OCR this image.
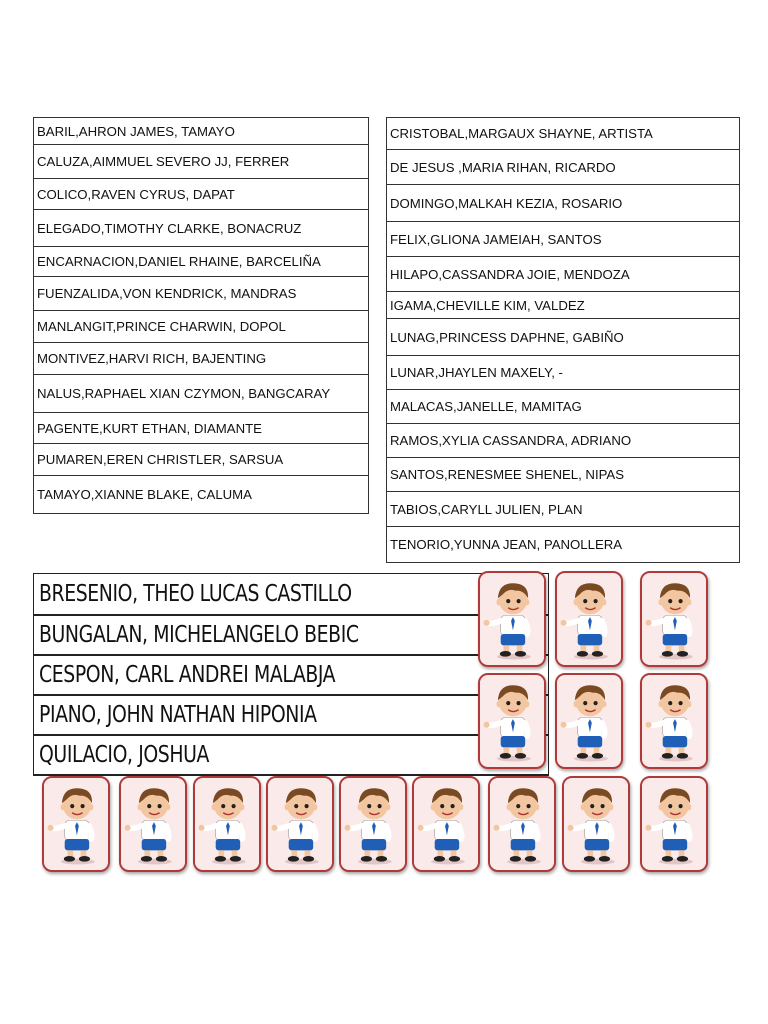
BARIL,AHRON JAMES, TAMAYO
CALUZA,AIMMUEL SEVERO JJ, FERRER
COLICO,RAVEN CYRUS, DAPAT
ELEGADO,TIMOTHY CLARKE, BONACRUZ
ENCARNACION,DANIEL RHAINE, BARCELIÑA
FUENZALIDA,VON KENDRICK, MANDRAS
MANLANGIT,PRINCE CHARWIN, DOPOL
MONTIVEZ,HARVI RICH, BAJENTING
NALUS,RAPHAEL XIAN CZYMON, BANGCARAY
PAGENTE,KURT ETHAN, DIAMANTE
PUMAREN,EREN CHRISTLER, SARSUA
TAMAYO,XIANNE BLAKE, CALUMA
CRISTOBAL,MARGAUX SHAYNE, ARTISTA
DE JESUS ,MARIA RIHAN, RICARDO
DOMINGO,MALKAH KEZIA, ROSARIO
FELIX,GLIONA JAMEIAH, SANTOS
HILAPO,CASSANDRA JOIE, MENDOZA
IGAMA,CHEVILLE KIM, VALDEZ
LUNAG,PRINCESS DAPHNE, GABIÑO
LUNAR,JHAYLEN MAXELY, -
MALACAS,JANELLE, MAMITAG
RAMOS,XYLIA CASSANDRA, ADRIANO
SANTOS,RENESMEE SHENEL, NIPAS
TABIOS,CARYLL JULIEN, PLAN
TENORIO,YUNNA JEAN, PANOLLERA
BRESENIO, THEO LUCAS CASTILLO
BUNGALAN, MICHELANGELO BEBIC
CESPON, CARL ANDREI MALABJA
PIANO, JOHN NATHAN HIPONIA
QUILACIO, JOSHUA
